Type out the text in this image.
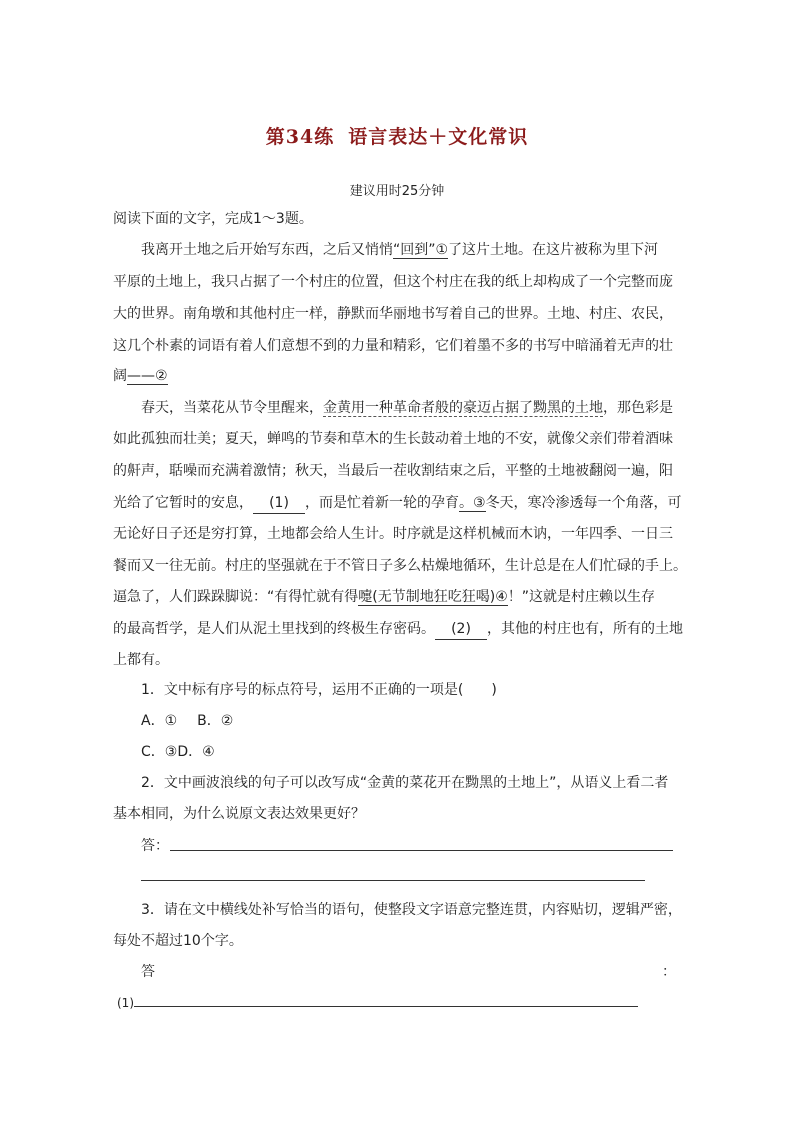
第34练 语言表达＋文化常识
建议用时25分钟
阅读下面的文字，完成1～3题。
我离开土地之后开始写东西，之后又悄悄“回到”①了这片土地。在这片被称为里下河
平原的土地上，我只占据了一个村庄的位置，但这个村庄在我的纸上却构成了一个完整而庞
大的世界。南角墩和其他村庄一样，静默而华丽地书写着自己的世界。土地、村庄、农民，
这几个朴素的词语有着人们意想不到的力量和精彩，它们着墨不多的书写中暗涌着无声的壮
阔——②
春天，当菜花从节令里醒来，金黄用一种革命者般的豪迈占据了黝黑的土地，那色彩是
如此孤独而壮美；夏天，蝉鸣的节奏和草木的生长鼓动着土地的不安，就像父亲们带着酒味
的鼾声，聒噪而充满着激情；秋天，当最后一茬收割结束之后，平整的土地被翻阅一遍，阳
光给了它暂时的安息， (1) ，而是忙着新一轮的孕育。③冬天，寒冷渗透每一个角落，可
无论好日子还是穷打算，土地都会给人生计。时序就是这样机械而木讷，一年四季、一日三
餐而又一往无前。村庄的坚强就在于不管日子多么枯燥地循环，生计总是在人们忙碌的手上。
逼急了，人们跺跺脚说：“有得忙就有得嚏(无节制地狂吃狂喝)④！”这就是村庄赖以生存
的最高哲学，是人们从泥土里找到的终极生存密码。 (2) ，其他的村庄也有，所有的土地
上都有。
1．文中标有序号的标点符号，运用不正确的一项是(　　)
A．① B．②
C．③D．④
2．文中画波浪线的句子可以改写成“金黄的菜花开在黝黑的土地上”，从语义上看二者
基本相同，为什么说原文表达效果更好？
答：
3．请在文中横线处补写恰当的语句，使整段文字语意完整连贯，内容贴切，逻辑严密，
每处不超过10个字。
答	：
(1)
